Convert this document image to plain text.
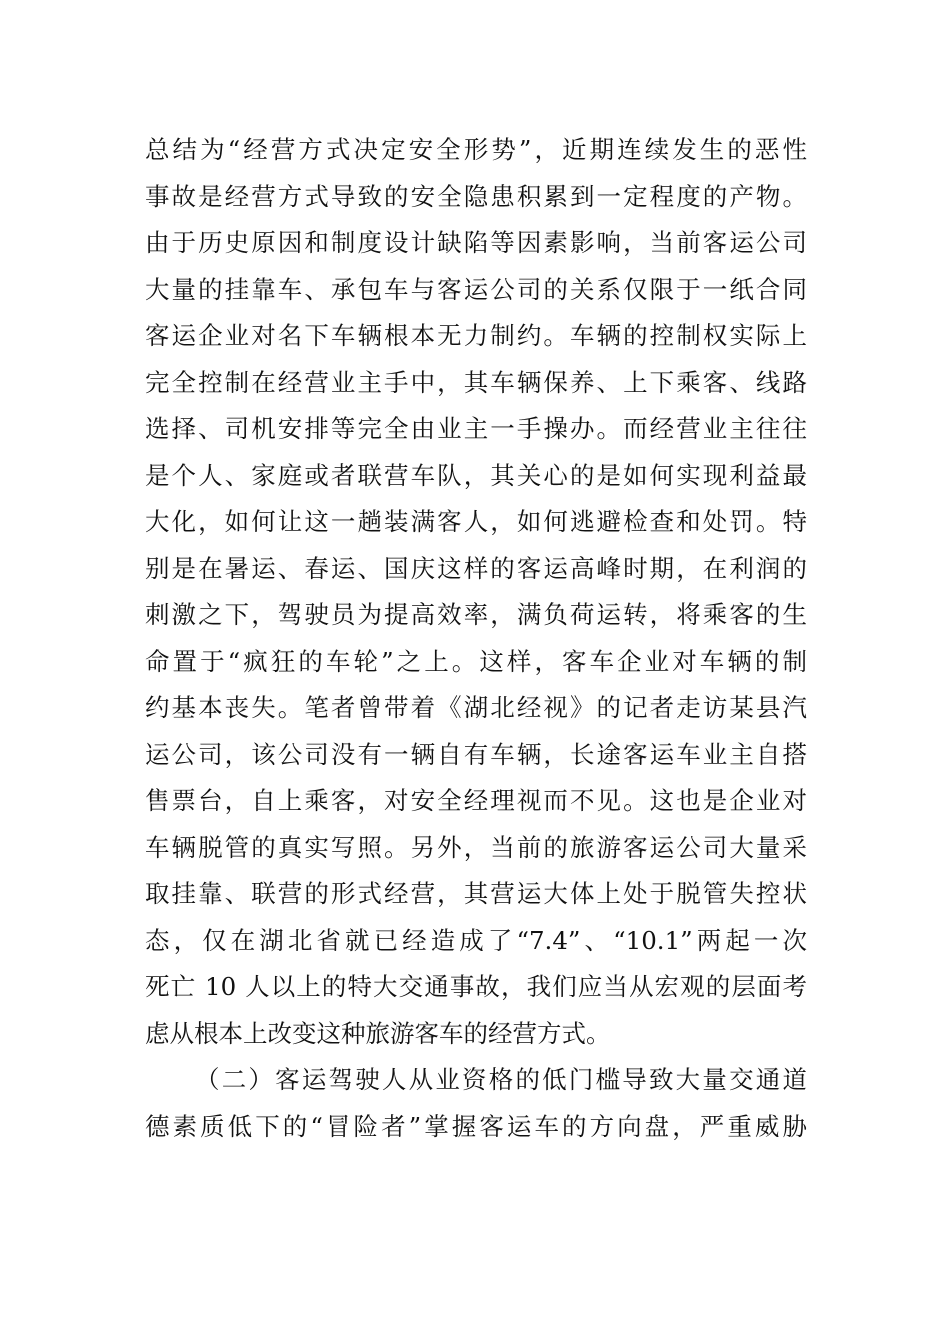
总结为“经营方式决定安全形势”，近期连续发生的恶性
事故是经营方式导致的安全隐患积累到一定程度的产物。
由于历史原因和制度设计缺陷等因素影响，当前客运公司
大量的挂靠车、承包车与客运公司的关系仅限于一纸合同
客运企业对名下车辆根本无力制约。车辆的控制权实际上
完全控制在经营业主手中，其车辆保养、上下乘客、线路
选择、司机安排等完全由业主一手操办。而经营业主往往
是个人、家庭或者联营车队，其关心的是如何实现利益最
大化，如何让这一趟装满客人，如何逃避检查和处罚。特
别是在暑运、春运、国庆这样的客运高峰时期，在利润的
刺激之下，驾驶员为提高效率，满负荷运转，将乘客的生
命置于“疯狂的车轮”之上。这样，客车企业对车辆的制
约基本丧失。笔者曾带着《湖北经视》的记者走访某县汽
运公司，该公司没有一辆自有车辆，长途客运车业主自搭
售票台，自上乘客，对安全经理视而不见。这也是企业对
车辆脱管的真实写照。另外，当前的旅游客运公司大量采
取挂靠、联营的形式经营，其营运大体上处于脱管失控状
态，仅在湖北省就已经造成了“7.4”、“10.1”两起一次
死亡 10 人以上的特大交通事故，我们应当从宏观的层面考
虑从根本上改变这种旅游客车的经营方式。
（二）客运驾驶人从业资格的低门槛导致大量交通道
德素质低下的“冒险者”掌握客运车的方向盘，严重威胁
